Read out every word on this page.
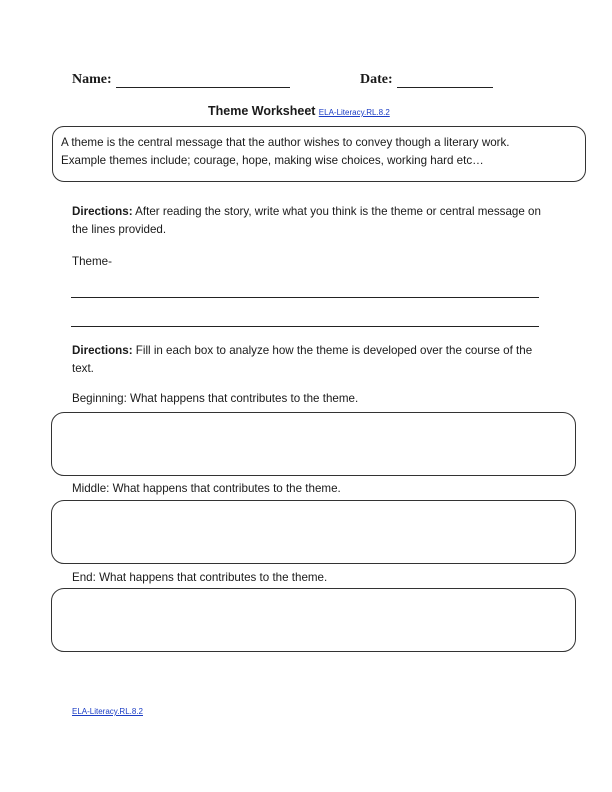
Name:	Date:
Theme Worksheet ELA-Literacy.RL.8.2
A theme is the central message that the author wishes to convey though a literary work.
Example themes include; courage, hope, making wise choices, working hard etc…
Directions: After reading the story, write what you think is the theme or central message on the lines provided.
Theme-
Directions: Fill in each box to analyze how the theme is developed over the course of the text.
Beginning: What happens that contributes to the theme.
Middle: What happens that contributes to the theme.
End: What happens that contributes to the theme.
ELA-Literacy.RL.8.2
